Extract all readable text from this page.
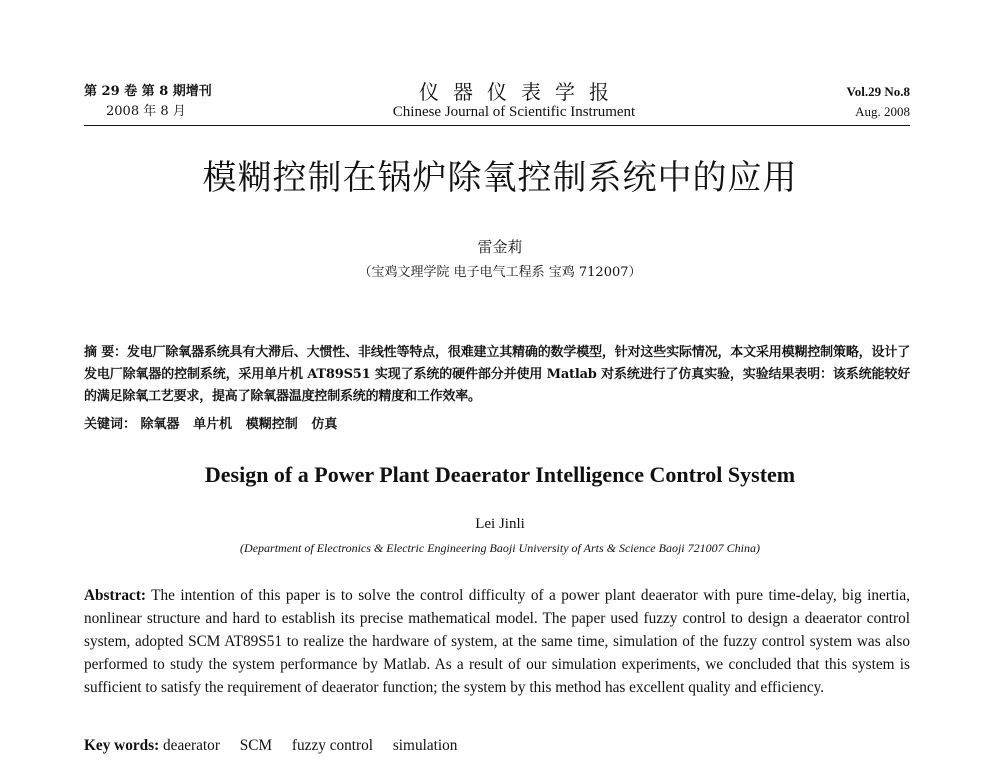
第 29 卷 第 8 期增刊
2008 年 8 月
仪器仪表学报
Chinese Journal of Scientific Instrument
Vol.29 No.8
Aug. 2008
模糊控制在锅炉除氧控制系统中的应用
雷金莉
（宝鸡文理学院 电子电气工程系 宝鸡 712007）
摘 要：发电厂除氧器系统具有大滞后、大惯性、非线性等特点，很难建立其精确的数学模型，针对这些实际情况，本文采用模糊控制策略，设计了发电厂除氧器的控制系统，采用单片机 AT89S51 实现了系统的硬件部分并使用 Matlab 对系统进行了仿真实验，实验结果表明：该系统能较好的满足除氧工艺要求，提高了除氧器温度控制系统的精度和工作效率。
关键词： 除氧器 单片机 模糊控制 仿真
Design of a Power Plant Deaerator Intelligence Control System
Lei Jinli
(Department of Electronics & Electric Engineering Baoji University of Arts & Science Baoji 721007 China)
Abstract: The intention of this paper is to solve the control difficulty of a power plant deaerator with pure time-delay, big inertia, nonlinear structure and hard to establish its precise mathematical model. The paper used fuzzy control to design a deaerator control system, adopted SCM AT89S51 to realize the hardware of system, at the same time, simulation of the fuzzy control system was also performed to study the system performance by Matlab. As a result of our simulation experiments, we concluded that this system is sufficient to satisfy the requirement of deaerator function; the system by this method has excellent quality and efficiency.
Key words: deaerator SCM fuzzy control simulation
